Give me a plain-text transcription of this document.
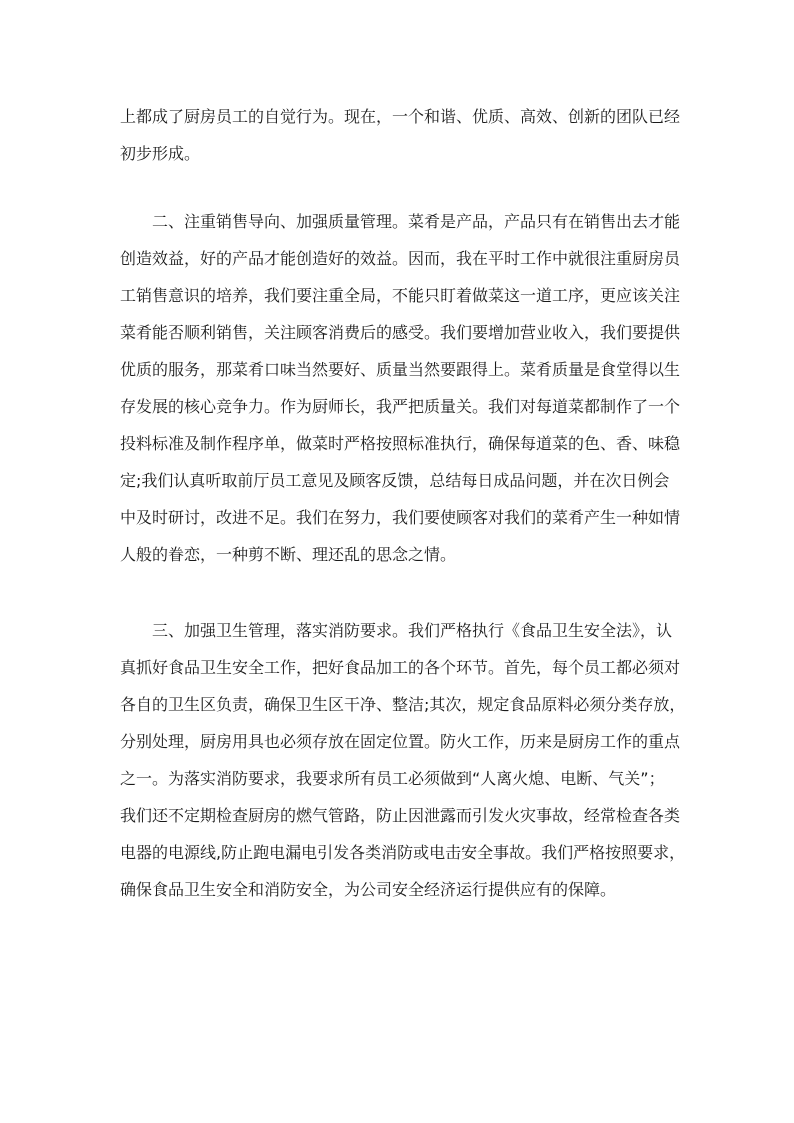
上都成了厨房员工的自觉行为。现在，一个和谐、优质、高效、创新的团队已经
初步形成。
二、注重销售导向、加强质量管理。菜肴是产品，产品只有在销售出去才能
创造效益，好的产品才能创造好的效益。因而，我在平时工作中就很注重厨房员
工销售意识的培养，我们要注重全局，不能只盯着做菜这一道工序，更应该关注
菜肴能否顺利销售，关注顾客消费后的感受。我们要增加营业收入，我们要提供
优质的服务，那菜肴口味当然要好、质量当然要跟得上。菜肴质量是食堂得以生
存发展的核心竞争力。作为厨师长，我严把质量关。我们对每道菜都制作了一个
投料标准及制作程序单，做菜时严格按照标准执行，确保每道菜的色、香、味稳
定;我们认真听取前厅员工意见及顾客反馈，总结每日成品问题，并在次日例会
中及时研讨，改进不足。我们在努力，我们要使顾客对我们的菜肴产生一种如情
人般的眷恋，一种剪不断、理还乱的思念之情。
三、加强卫生管理，落实消防要求。我们严格执行《食品卫生安全法》，认
真抓好食品卫生安全工作，把好食品加工的各个环节。首先，每个员工都必须对
各自的卫生区负责，确保卫生区干净、整洁;其次，规定食品原料必须分类存放，
分别处理，厨房用具也必须存放在固定位置。防火工作，历来是厨房工作的重点
之一。为落实消防要求，我要求所有员工必须做到“人离火熄、电断、气关”；
我们还不定期检查厨房的燃气管路，防止因泄露而引发火灾事故，经常检查各类
电器的电源线,防止跑电漏电引发各类消防或电击安全事故。我们严格按照要求，
确保食品卫生安全和消防安全，为公司安全经济运行提供应有的保障。
